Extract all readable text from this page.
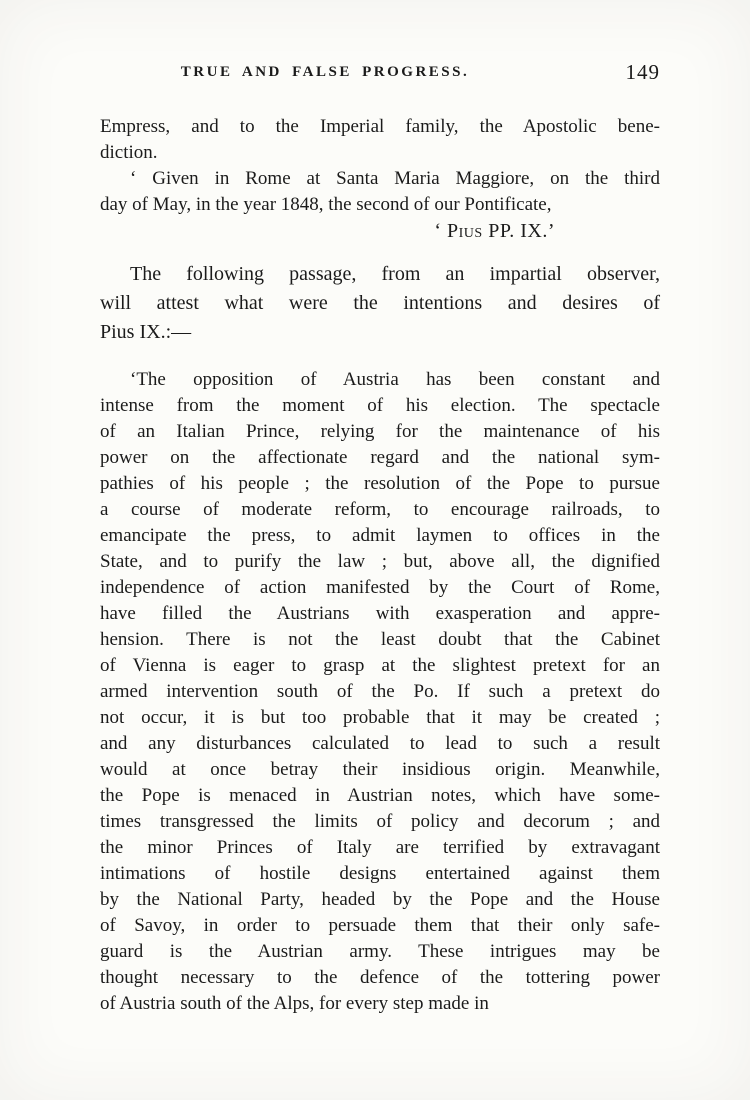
TRUE AND FALSE PROGRESS.	149
Empress, and to the Imperial family, the Apostolic bene-
diction.
‘ Given in Rome at Santa Maria Maggiore, on the third
day of May, in the year 1848, the second of our Pontificate,
‘ Pius PP. IX.’
The following passage, from an impartial observer,
will attest what were the intentions and desires of
Pius IX.:—
‘The opposition of Austria has been constant and
intense from the moment of his election. The spectacle
of an Italian Prince, relying for the maintenance of his
power on the affectionate regard and the national sym-
pathies of his people ; the resolution of the Pope to pursue
a course of moderate reform, to encourage railroads, to
emancipate the press, to admit laymen to offices in the
State, and to purify the law ; but, above all, the dignified
independence of action manifested by the Court of Rome,
have filled the Austrians with exasperation and appre-
hension. There is not the least doubt that the Cabinet
of Vienna is eager to grasp at the slightest pretext for an
armed intervention south of the Po. If such a pretext do
not occur, it is but too probable that it may be created ;
and any disturbances calculated to lead to such a result
would at once betray their insidious origin. Meanwhile,
the Pope is menaced in Austrian notes, which have some-
times transgressed the limits of policy and decorum ; and
the minor Princes of Italy are terrified by extravagant
intimations of hostile designs entertained against them
by the National Party, headed by the Pope and the House
of Savoy, in order to persuade them that their only safe-
guard is the Austrian army. These intrigues may be
thought necessary to the defence of the tottering power
of Austria south of the Alps, for every step made in
